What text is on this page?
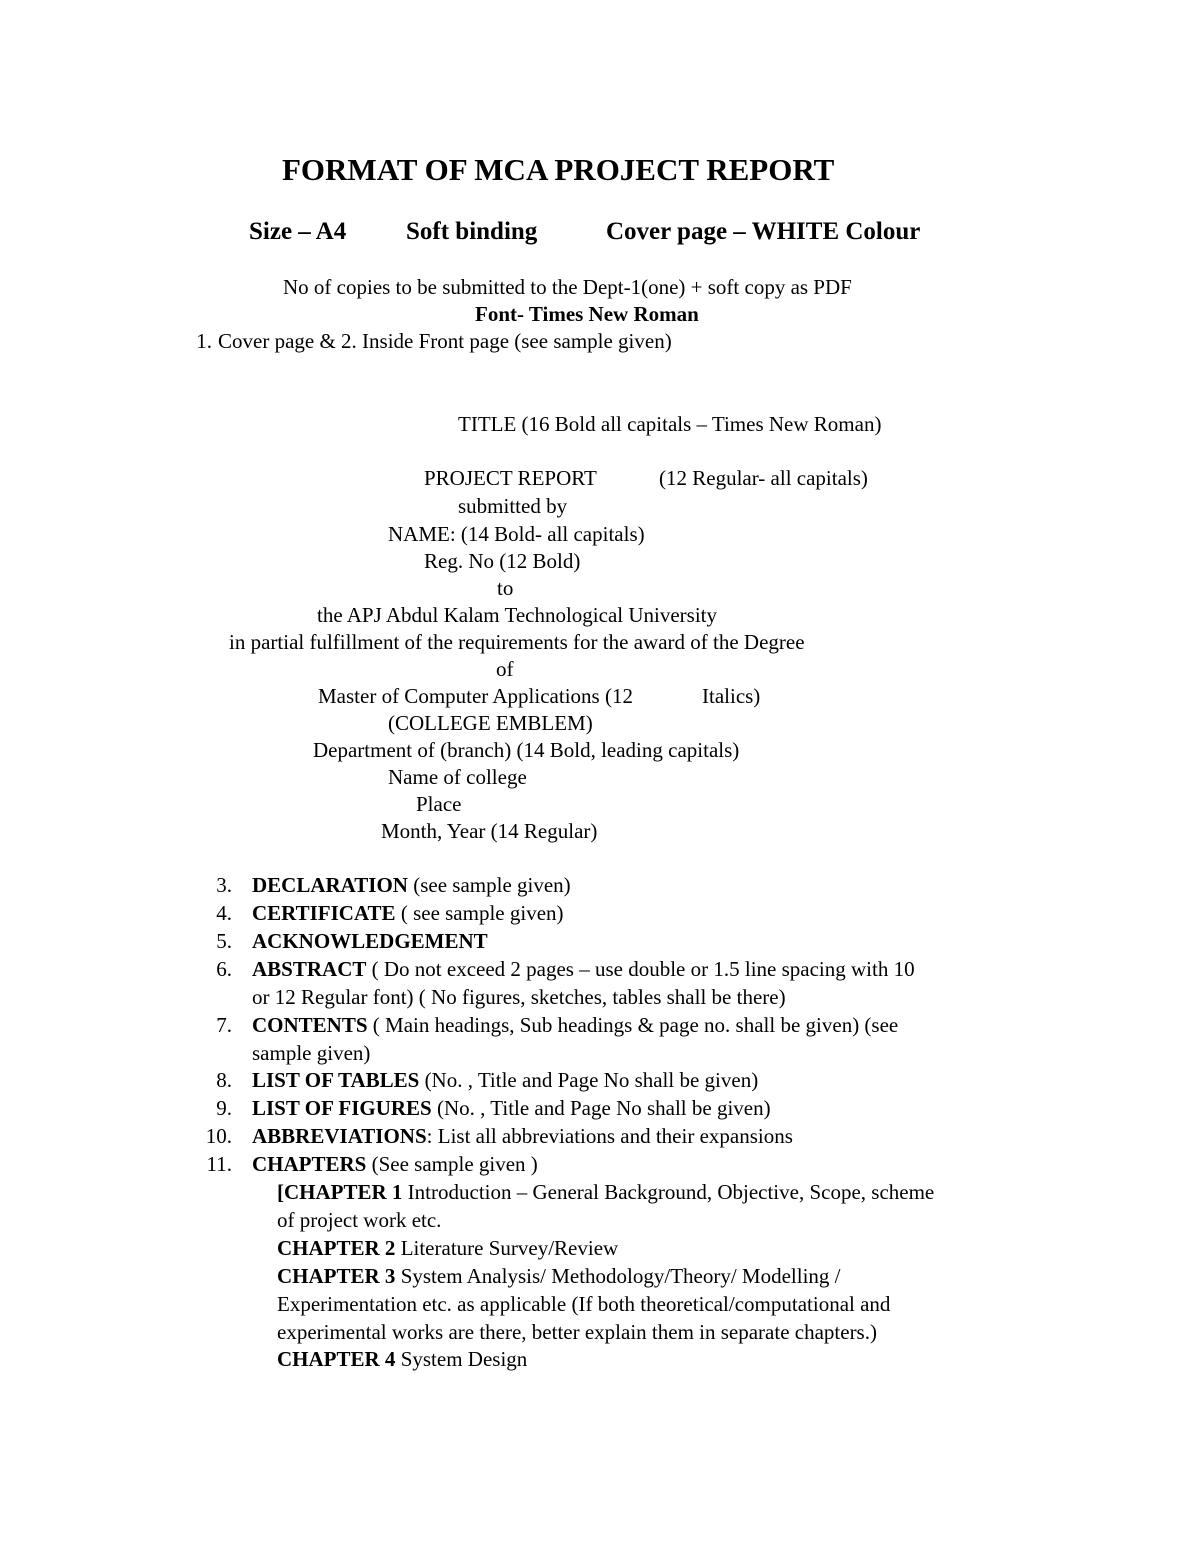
FORMAT OF MCA PROJECT REPORT
Size – A4 Soft binding	Cover page – WHITE Colour
No of copies to be submitted to the Dept-1(one) + soft copy as PDF
Font- Times New Roman
1. Cover page & 2. Inside Front page (see sample given)
TITLE (16 Bold all capitals – Times New Roman)
PROJECT REPORT	(12 Regular- all capitals)
submitted by
NAME: (14 Bold- all capitals)
Reg. No (12 Bold)
to
the APJ Abdul Kalam Technological University
in partial fulfillment of the requirements for the award of the Degree
of
Master of Computer Applications (12	Italics)
(COLLEGE EMBLEM)
Department of (branch) (14 Bold, leading capitals)
Name of college
Place
Month, Year (14 Regular)
3. DECLARATION (see sample given)
4. CERTIFICATE ( see sample given)
5. ACKNOWLEDGEMENT
6. ABSTRACT ( Do not exceed 2 pages – use double or 1.5 line spacing with 10
or 12 Regular font) ( No figures, sketches, tables shall be there)
7. CONTENTS ( Main headings, Sub headings & page no. shall be given) (see
sample given)
8. LIST OF TABLES (No. , Title and Page No shall be given)
9. LIST OF FIGURES (No. , Title and Page No shall be given)
10. ABBREVIATIONS: List all abbreviations and their expansions
11. CHAPTERS (See sample given )
[CHAPTER 1 Introduction – General Background, Objective, Scope, scheme
of project work etc.
CHAPTER 2 Literature Survey/Review
CHAPTER 3 System Analysis/ Methodology/Theory/ Modelling /
Experimentation etc. as applicable (If both theoretical/computational and
experimental works are there, better explain them in separate chapters.)
CHAPTER 4 System Design
